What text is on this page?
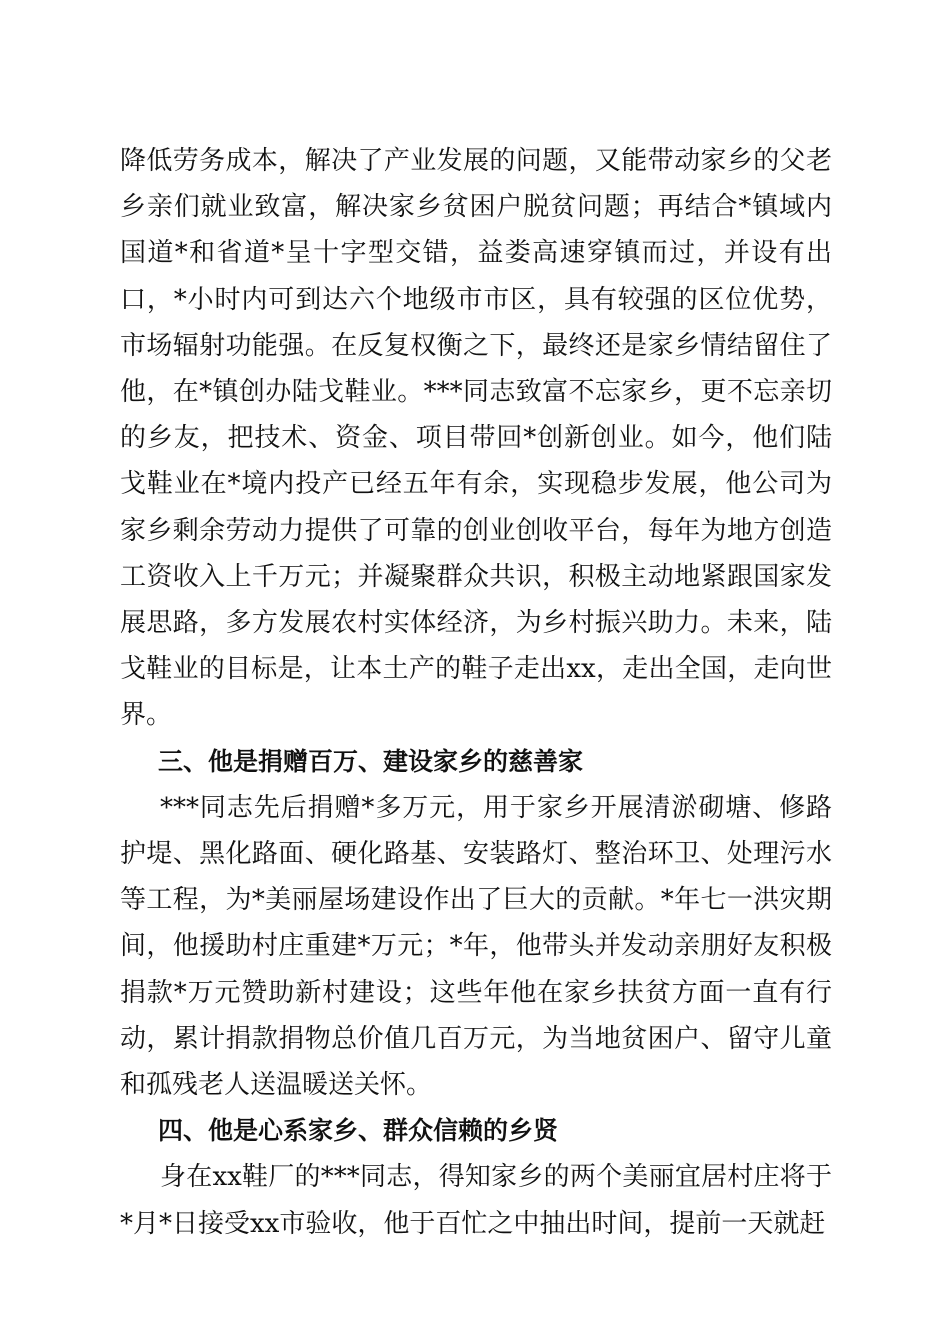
降低劳务成本，解决了产业发展的问题，又能带动家乡的父老乡亲们就业致富，解决家乡贫困户脱贫问题；再结合*镇域内国道*和省道*呈十字型交错，益娄高速穿镇而过，并设有出口，*小时内可到达六个地级市市区，具有较强的区位优势，市场辐射功能强。在反复权衡之下，最终还是家乡情结留住了他，在*镇创办陆戈鞋业。***同志致富不忘家乡，更不忘亲切的乡友，把技术、资金、项目带回*创新创业。如今，他们陆戈鞋业在*境内投产已经五年有余，实现稳步发展，他公司为家乡剩余劳动力提供了可靠的创业创收平台，每年为地方创造工资收入上千万元；并凝聚群众共识，积极主动地紧跟国家发展思路，多方发展农村实体经济，为乡村振兴助力。未来，陆戈鞋业的目标是，让本土产的鞋子走出xx，走出全国，走向世界。

三、他是捐赠百万、建设家乡的慈善家

***同志先后捐赠*多万元，用于家乡开展清淤砌塘、修路护堤、黑化路面、硬化路基、安装路灯、整治环卫、处理污水等工程，为*美丽屋场建设作出了巨大的贡献。*年七一洪灾期间，他援助村庄重建*万元；*年，他带头并发动亲朋好友积极捐款*万元赞助新村建设；这些年他在家乡扶贫方面一直有行动，累计捐款捐物总价值几百万元，为当地贫困户、留守儿童和孤残老人送温暖送关怀。

四、他是心系家乡、群众信赖的乡贤

身在xx鞋厂的***同志，得知家乡的两个美丽宜居村庄将于*月*日接受xx市验收，他于百忙之中抽出时间，提前一天就赶
